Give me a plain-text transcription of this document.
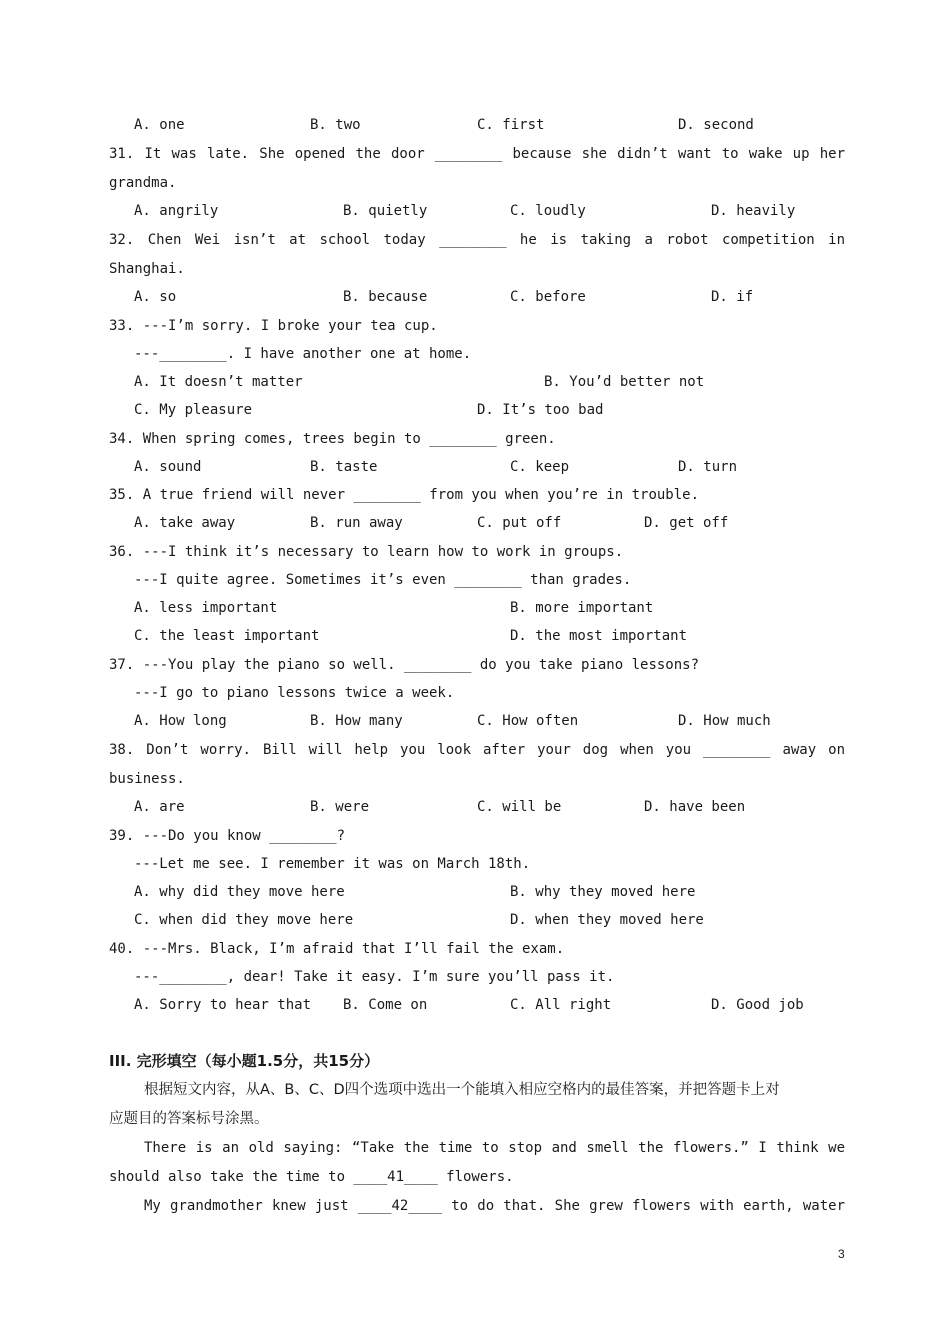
A. one	B. two	C. first	D. second
31. It was late. She opened the door ________ because she didn’t want to wake up her
grandma.
A. angrily	B. quietly	C. loudly	D. heavily
32. Chen Wei isn’t at school today ________ he is taking a robot competition in
Shanghai.
A. so	B. because	C. before	D. if
33. ---I’m sorry. I broke your tea cup.
---________. I have another one at home.
A. It doesn’t matter	B. You’d better not
C. My pleasure	D. It’s too bad
34. When spring comes, trees begin to ________ green.
A. sound	B. taste	C. keep	D. turn
35. A true friend will never ________ from you when you’re in trouble.
A. take away	B. run away	C. put off	D. get off
36. ---I think it’s necessary to learn how to work in groups.
---I quite agree. Sometimes it’s even ________ than grades.
A. less important	B. more important
C. the least important	D. the most important
37. ---You play the piano so well. ________ do you take piano lessons?
---I go to piano lessons twice a week.
A. How long	B. How many	C. How often	D. How much
38. Don’t worry. Bill will help you look after your dog when you ________ away on
business.
A. are	B. were	C. will be	D. have been
39. ---Do you know ________?
---Let me see. I remember it was on March 18th.
A. why did they move here	B. why they moved here
C. when did they move here	D. when they moved here
40. ---Mrs. Black, I’m afraid that I’ll fail the exam.
---________, dear! Take it easy. I’m sure you’ll pass it.
A. Sorry to hear that B. Come on	C. All right	D. Good job
III. 完形填空（每小题1.5分，共15分）
根据短文内容，从A、B、C、D四个选项中选出一个能填入相应空格内的最佳答案，并把答题卡上对
应题目的答案标号涂黑。
There is an old saying: “Take the time to stop and smell the flowers.” I think we
should also take the time to ____41____ flowers.
My grandmother knew just ____42____ to do that. She grew flowers with earth, water
3
